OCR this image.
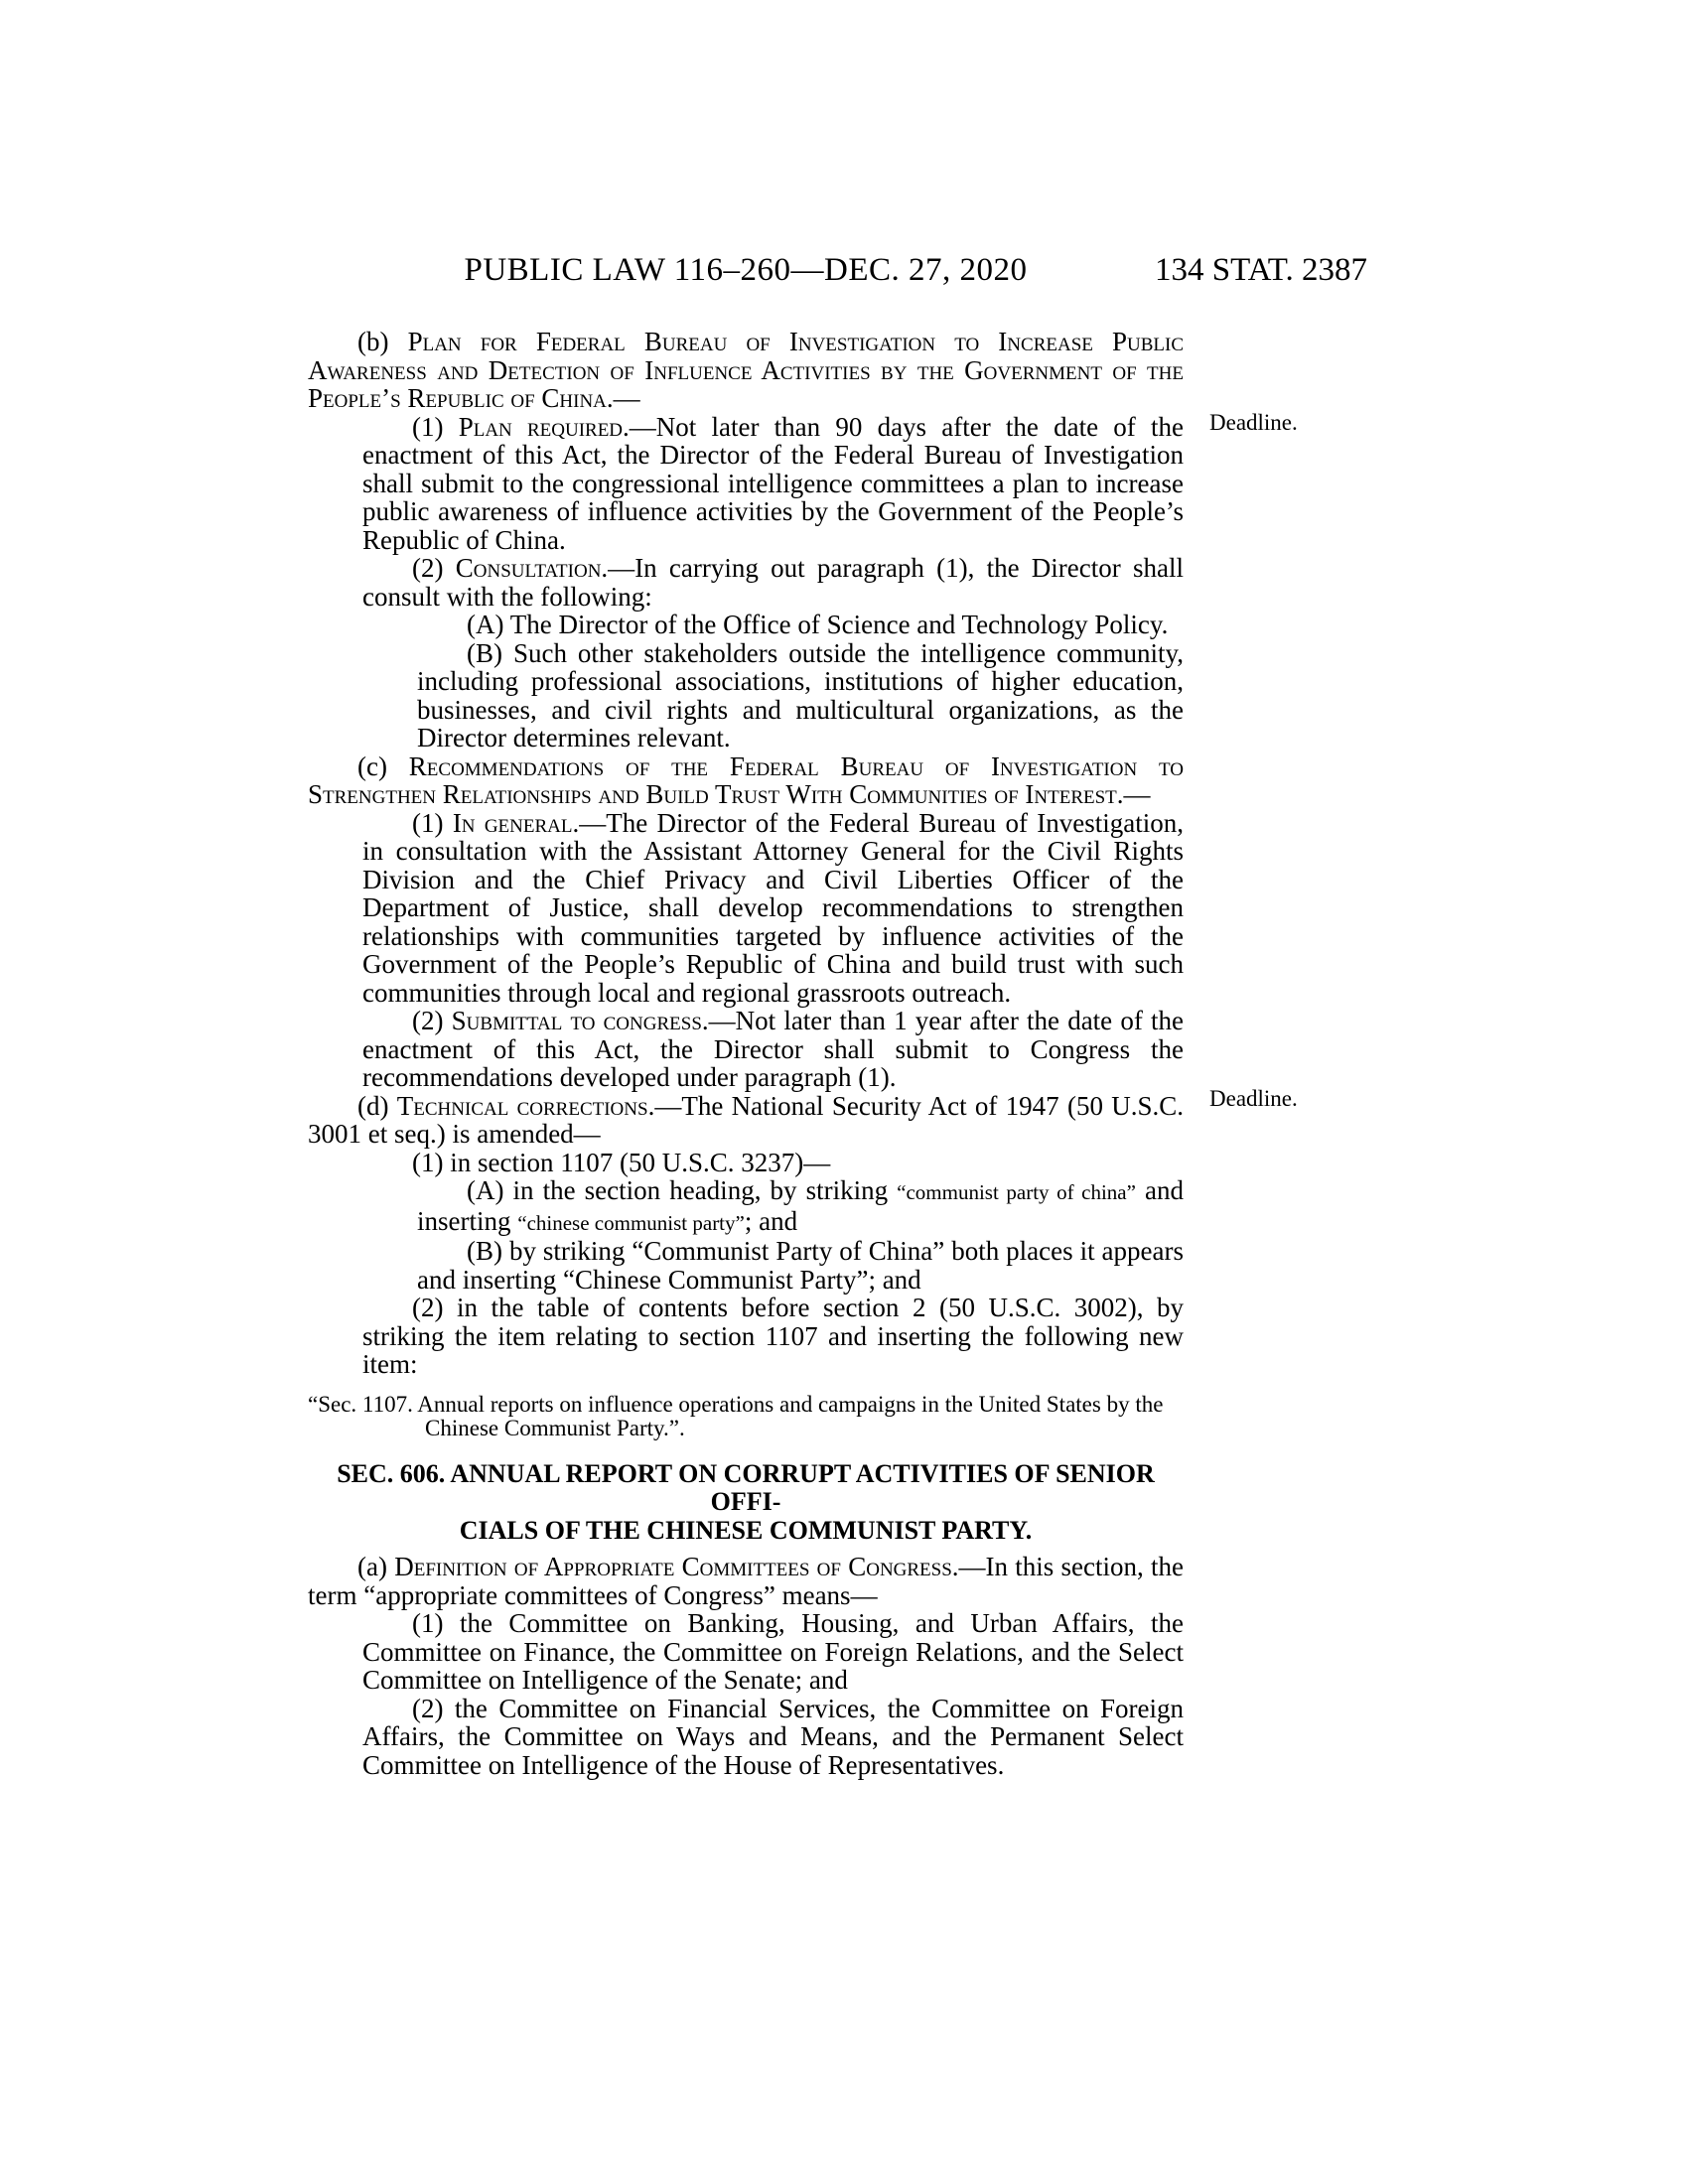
PUBLIC LAW 116–260—DEC. 27, 2020	134 STAT. 2387
(b) Plan for Federal Bureau of Investigation to Increase Public Awareness and Detection of Influence Activities by the Government of the People’s Republic of China.—
(1) Plan required.—Not later than 90 days after the date of the enactment of this Act, the Director of the Federal Bureau of Investigation shall submit to the congressional intelligence committees a plan to increase public awareness of influence activities by the Government of the People’s Republic of China.
(2) Consultation.—In carrying out paragraph (1), the Director shall consult with the following:
(A) The Director of the Office of Science and Technology Policy.
(B) Such other stakeholders outside the intelligence community, including professional associations, institutions of higher education, businesses, and civil rights and multicultural organizations, as the Director determines relevant.
(c) Recommendations of the Federal Bureau of Investigation to Strengthen Relationships and Build Trust With Communities of Interest.—
(1) In general.—The Director of the Federal Bureau of Investigation, in consultation with the Assistant Attorney General for the Civil Rights Division and the Chief Privacy and Civil Liberties Officer of the Department of Justice, shall develop recommendations to strengthen relationships with communities targeted by influence activities of the Government of the People’s Republic of China and build trust with such communities through local and regional grassroots outreach.
(2) Submittal to congress.—Not later than 1 year after the date of the enactment of this Act, the Director shall submit to Congress the recommendations developed under paragraph (1).
(d) Technical corrections.—The National Security Act of 1947 (50 U.S.C. 3001 et seq.) is amended—
(1) in section 1107 (50 U.S.C. 3237)—
(A) in the section heading, by striking “communist party of china” and inserting “chinese communist party”; and
(B) by striking “Communist Party of China” both places it appears and inserting “Chinese Communist Party”; and
(2) in the table of contents before section 2 (50 U.S.C. 3002), by striking the item relating to section 1107 and inserting the following new item:
“Sec. 1107. Annual reports on influence operations and campaigns in the United States by the Chinese Communist Party.”.
SEC. 606. ANNUAL REPORT ON CORRUPT ACTIVITIES OF SENIOR OFFI-
CIALS OF THE CHINESE COMMUNIST PARTY.
(a) Definition of Appropriate Committees of Congress.—In this section, the term “appropriate committees of Congress” means—
(1) the Committee on Banking, Housing, and Urban Affairs, the Committee on Finance, the Committee on Foreign Relations, and the Select Committee on Intelligence of the Senate; and
(2) the Committee on Financial Services, the Committee on Foreign Affairs, the Committee on Ways and Means, and the Permanent Select Committee on Intelligence of the House of Representatives.
Deadline.
Deadline.
